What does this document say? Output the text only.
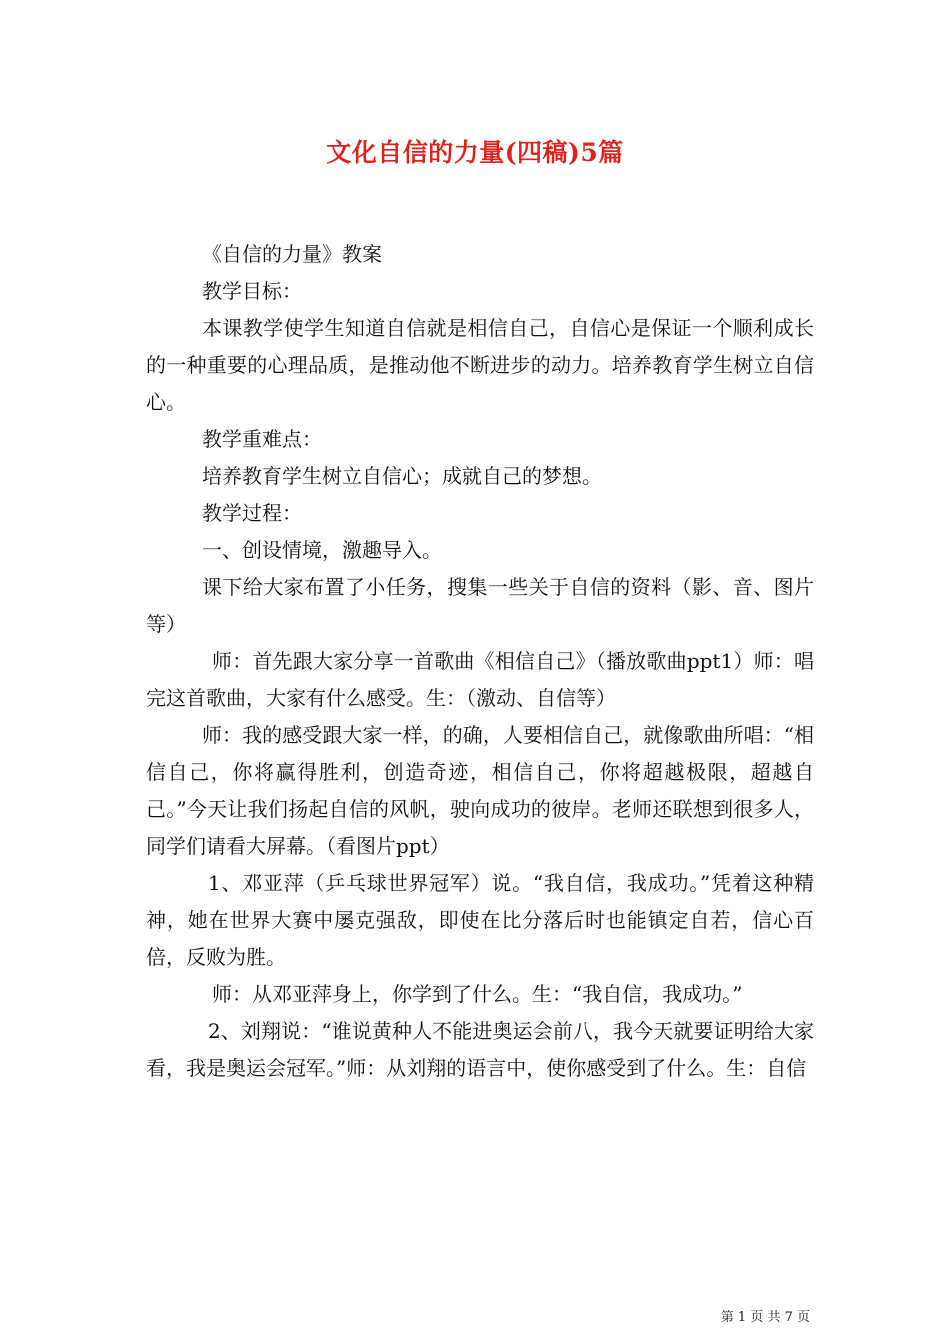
文化自信的力量(四稿)5篇

《自信的力量》教案

教学目标：

本课教学使学生知道自信就是相信自己，自信心是保证一个顺利成长的一种重要的心理品质，是推动他不断进步的动力。培养教育学生树立自信心。

教学重难点：

培养教育学生树立自信心；成就自己的梦想。

教学过程：

一、创设情境，激趣导入。

课下给大家布置了小任务，搜集一些关于自信的资料（影、音、图片等）

师：首先跟大家分享一首歌曲《相信自己》（播放歌曲ppt1）师：唱完这首歌曲，大家有什么感受。生：（激动、自信等）

师：我的感受跟大家一样，的确，人要相信自己，就像歌曲所唱：“相信自己，你将赢得胜利，创造奇迹，相信自己，你将超越极限，超越自己。”今天让我们扬起自信的风帆，驶向成功的彼岸。老师还联想到很多人，同学们请看大屏幕。（看图片ppt）

1、邓亚萍（乒乓球世界冠军）说。“我自信，我成功。”凭着这种精神，她在世界大赛中屡克强敌，即使在比分落后时也能镇定自若，信心百倍，反败为胜。

师：从邓亚萍身上，你学到了什么。生：“我自信，我成功。”

2、刘翔说：“谁说黄种人不能进奥运会前八，我今天就要证明给大家看，我是奥运会冠军。”师：从刘翔的语言中，使你感受到了什么。生：自信

第 1 页 共 7 页
